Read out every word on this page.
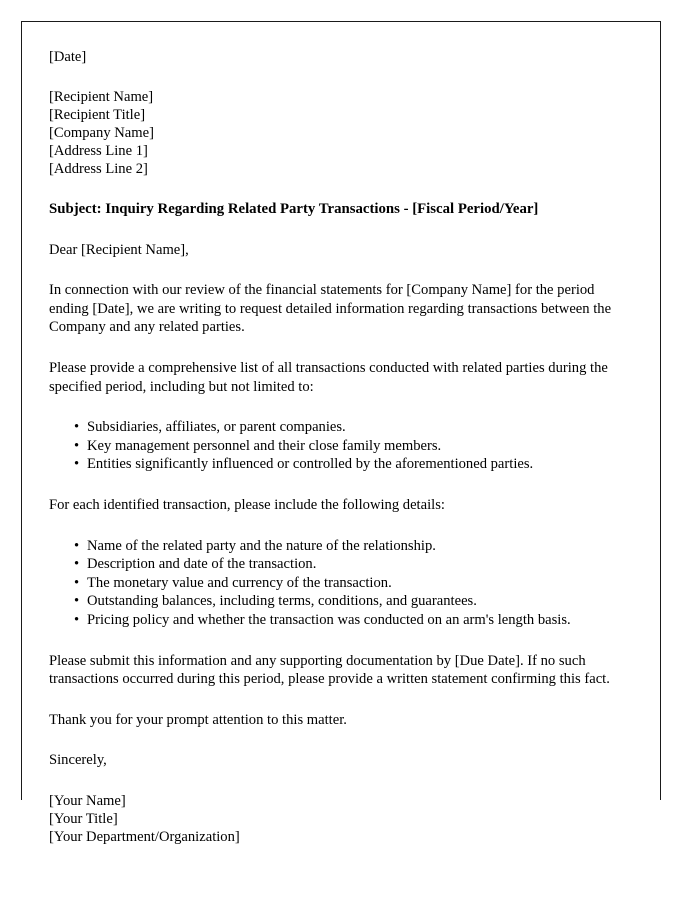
[Date]
[Recipient Name]
[Recipient Title]
[Company Name]
[Address Line 1]
[Address Line 2]
Subject: Inquiry Regarding Related Party Transactions - [Fiscal Period/Year]
Dear [Recipient Name],
In connection with our review of the financial statements for [Company Name] for the period ending [Date], we are writing to request detailed information regarding transactions between the Company and any related parties.
Please provide a comprehensive list of all transactions conducted with related parties during the specified period, including but not limited to:
• Subsidiaries, affiliates, or parent companies.
• Key management personnel and their close family members.
• Entities significantly influenced or controlled by the aforementioned parties.
For each identified transaction, please include the following details:
• Name of the related party and the nature of the relationship.
• Description and date of the transaction.
• The monetary value and currency of the transaction.
• Outstanding balances, including terms, conditions, and guarantees.
• Pricing policy and whether the transaction was conducted on an arm's length basis.
Please submit this information and any supporting documentation by [Due Date]. If no such transactions occurred during this period, please provide a written statement confirming this fact.
Thank you for your prompt attention to this matter.
Sincerely,
[Your Name]
[Your Title]
[Your Department/Organization]
